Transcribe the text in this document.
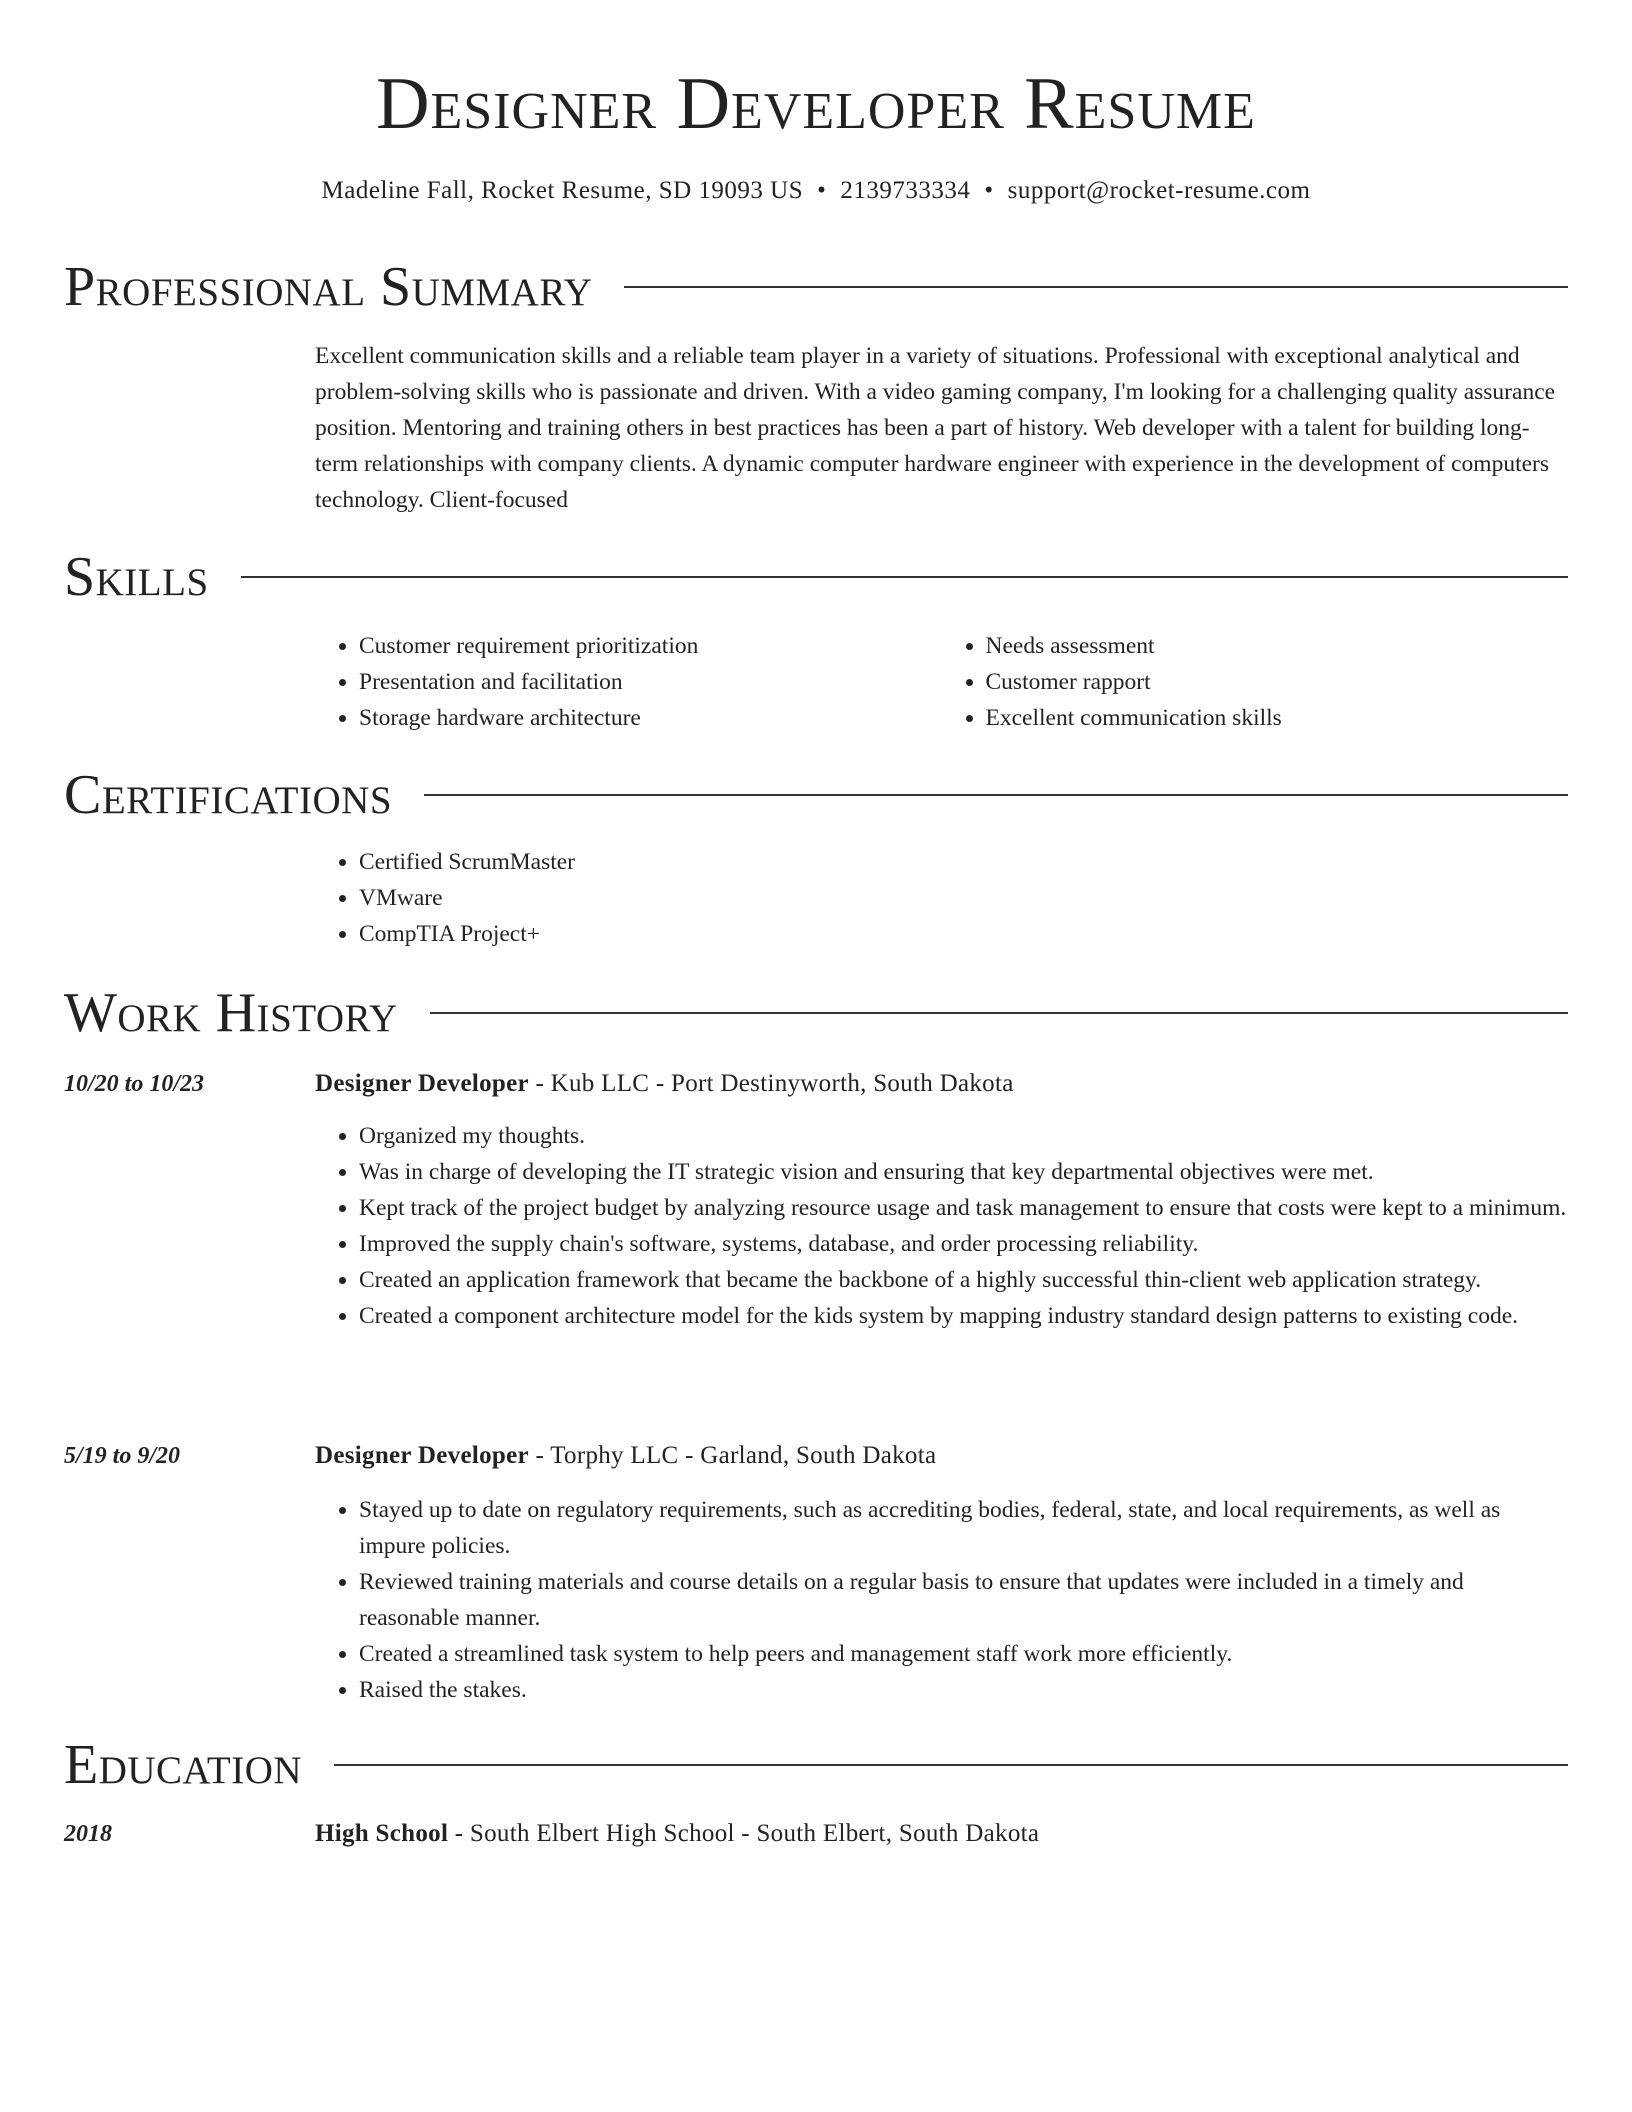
Designer Developer Resume
Madeline Fall, Rocket Resume, SD 19093 US • 2139733334 • support@rocket-resume.com
Professional Summary

Excellent communication skills and a reliable team player in a variety of situations. Professional with exceptional analytical and problem-solving skills who is passionate and driven. With a video gaming company, I'm looking for a challenging quality assurance position. Mentoring and training others in best practices has been a part of history. Web developer with a talent for building long-term relationships with company clients. A dynamic computer hardware engineer with experience in the development of computers technology. Client-focused

Skills
• Customer requirement prioritization
• Presentation and facilitation
• Storage hardware architecture
• Needs assessment
• Customer rapport
• Excellent communication skills
Certifications
• Certified ScrumMaster
• VMware
• CompTIA Project+
Work History
10/20 to 10/23	Designer Developer - Kub LLC - Port Destinyworth, South Dakota
• Organized my thoughts.
• Was in charge of developing the IT strategic vision and ensuring that key departmental objectives were met.
• Kept track of the project budget by analyzing resource usage and task management to ensure that costs were kept to a minimum.
• Improved the supply chain's software, systems, database, and order processing reliability.
• Created an application framework that became the backbone of a highly successful thin-client web application strategy.
• Created a component architecture model for the kids system by mapping industry standard design patterns to existing code.
5/19 to 9/20	Designer Developer - Torphy LLC - Garland, South Dakota
• Stayed up to date on regulatory requirements, such as accrediting bodies, federal, state, and local requirements, as well as impure policies.
• Reviewed training materials and course details on a regular basis to ensure that updates were included in a timely and reasonable manner.
• Created a streamlined task system to help peers and management staff work more efficiently.
• Raised the stakes.
Education
2018	High School - South Elbert High School - South Elbert, South Dakota
